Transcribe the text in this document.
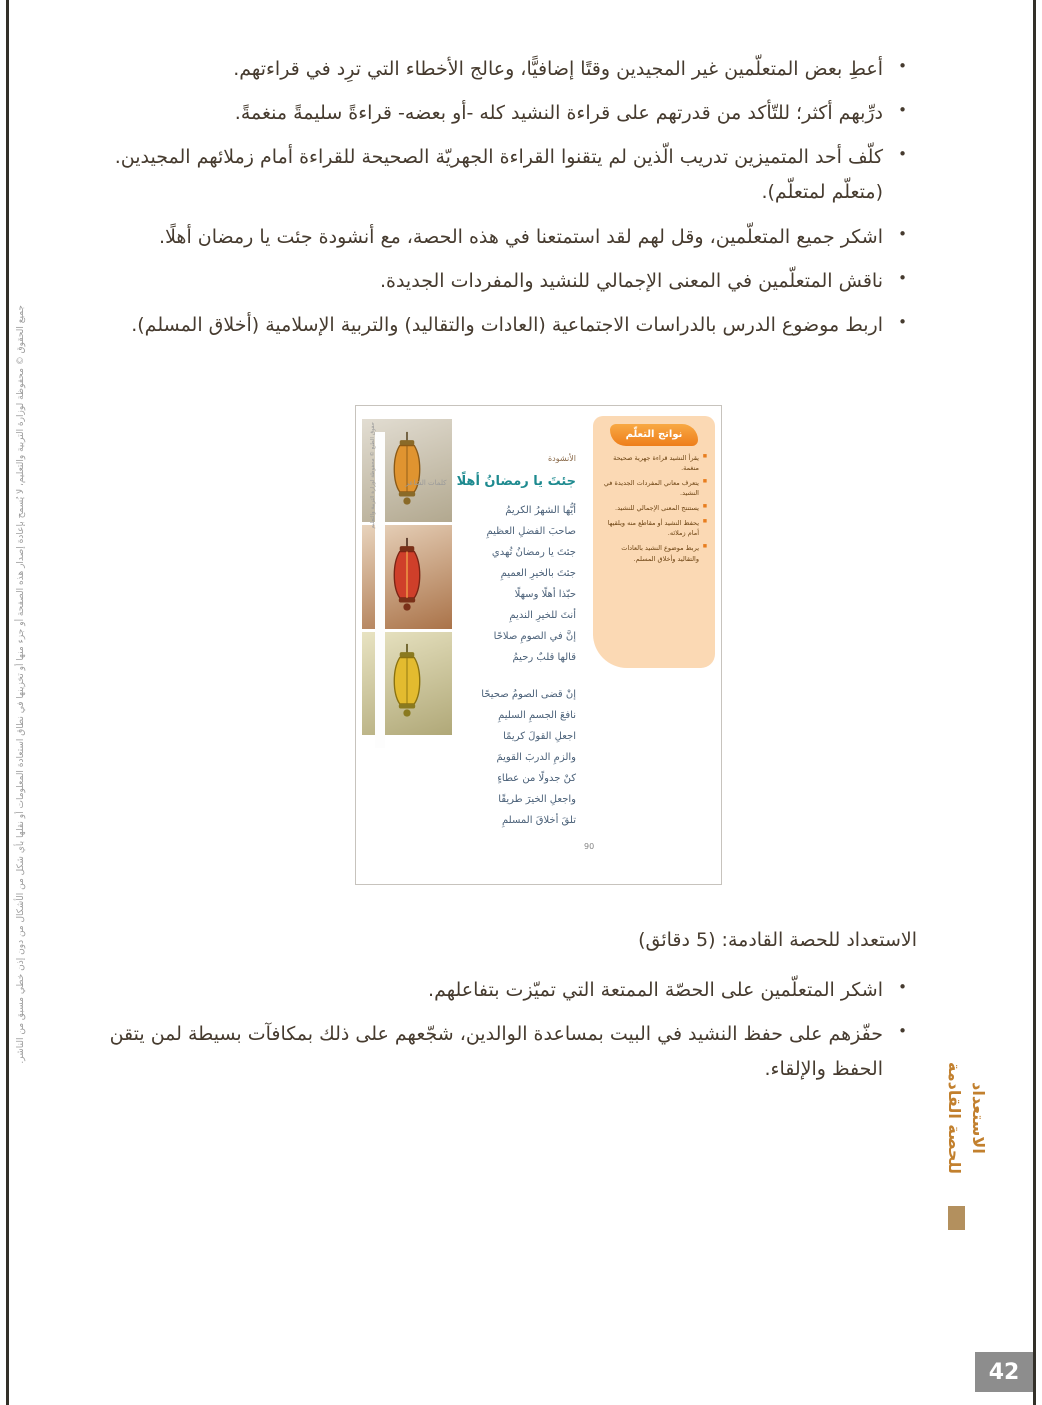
جميع الحقوق © محفوظة لوزارة التربية والتعليم، لا يُسمح بإعادة إصدار هذه الصفحة أو جزء منها أو تخزينها في نطاق استعادة المعلومات أو نقلها بأي شكل من الأشكال من دون إذن خطي مسبق من الناشر.
• أعطِ بعض المتعلّمين غير المجيدين وقتًا إضافيًّا، وعالج الأخطاء التي ترِد في قراءتهم.
• درِّبهم أكثر؛ للتّأكد من قدرتهم على قراءة النشيد كله -أو بعضه- قراءةً سليمةً منغمةً.
• كلّف أحد المتميزين تدريب الّذين لم يتقنوا القراءة الجهريّة الصحيحة للقراءة أمام زملائهم المجيدين. (متعلّم لمتعلّم).
• اشكر جميع المتعلّمين، وقل لهم لقد استمتعنا في هذه الحصة، مع أنشودة جئت يا رمضان أهلًا.
• ناقش المتعلّمين في المعنى الإجمالي للنشيد والمفردات الجديدة.
• اربط موضوع الدرس بالدراسات الاجتماعية (العادات والتقاليد) والتربية الإسلامية (أخلاق المسلم).
حقوق الطبع © محفوظة لوزارة التربية والتعليم	نواتج التعلّم
■ يقرأ النشيد قراءة جهرية صحيحة منغمة.
■ يتعرف معاني المفردات الجديدة في النشيد.
■ يستنتج المعنى الإجمالي للنشيد.
■ يحفظ النشيد أو مقاطع منه ويلقيها أمام زملائه.
■ يربط موضوع النشيد بالعادات والتقاليد وأخلاق المسلم.
الأنشودة
جئتَ يا رمضانُ أهلًا كلمات الشاعر
أيُّها الشهرُ الكريمُ
صاحبَ الفضلِ العظيمِ
جئتَ يا رمضانُ تُهدي
جئتَ بالخيرِ العميمِ
حبّذا أهلًا وسهلًا
أنتَ للخيرِ النديمِ
إنَّ في الصومِ صلاحًا
قالها قلبٌ رحيمُ
إنْ قضى الصومُ صحيحًا
نافعَ الجسمِ السليمِ
اجعلِ القولَ كريمًا
والزمِ الدربَ القويمَ
كنْ جدولًا من عطاءٍ
واجعلِ الخيرَ طريقًا
تلقَ أخلاقَ المسلمِ
90
الاستعداد للحصة القادمة: (5 دقائق)
• اشكر المتعلّمين على الحصّة الممتعة التي تميّزت بتفاعلهم.
• حفّزهم على حفظ النشيد في البيت بمساعدة الوالدين، شجّعهم على ذلك بمكافآت بسيطة لمن يتقن الحفظ والإلقاء.
الاستعداد
للحصة القادمة
42
